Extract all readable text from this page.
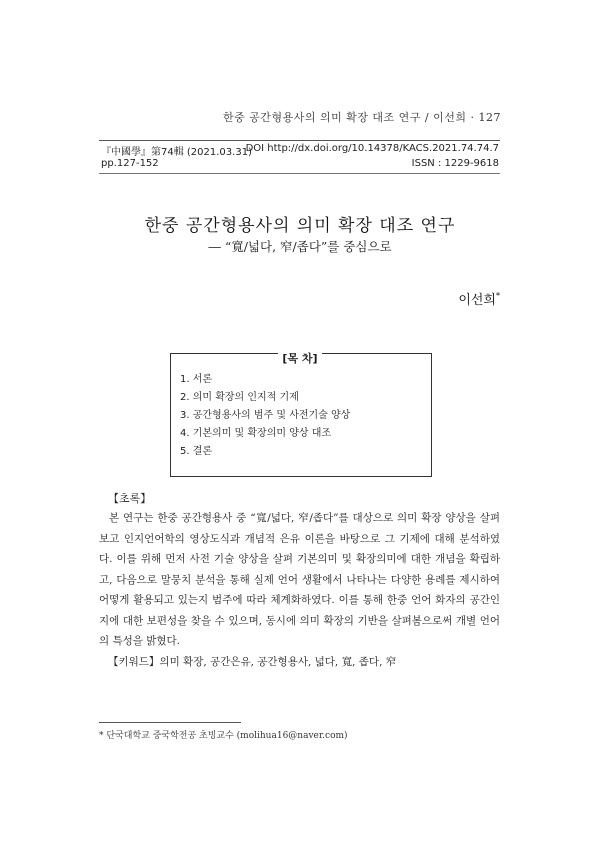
한중 공간형용사의 의미 확장 대조 연구 / 이선희 · 127
『中國學』第74輯 (2021.03.31)
pp.127-152
DOI http://dx.doi.org/10.14378/KACS.2021.74.74.7
ISSN : 1229-9618
한중 공간형용사의 의미 확장 대조 연구
― “寬/넓다, 窄/좁다”를 중심으로
이선희*
[목 차]
1. 서론
2. 의미 확장의 인지적 기제
3. 공간형용사의 범주 및 사전기술 양상
4. 기본의미 및 확장의미 양상 대조
5. 결론
【초록】
본 연구는 한중 공간형용사 중 “寬/넓다, 窄/좁다”를 대상으로 의미 확장 양상을 살펴보고 인지언어학의 영상도식과 개념적 은유 이론을 바탕으로 그 기제에 대해 분석하였다. 이를 위해 먼저 사전 기술 양상을 살펴 기본의미 및 확장의미에 대한 개념을 확립하고, 다음으로 말뭉치 분석을 통해 실제 언어 생활에서 나타나는 다양한 용례를 제시하여 어떻게 활용되고 있는지 범주에 따라 체계화하였다. 이를 통해 한중 언어 화자의 공간인지에 대한 보편성을 찾을 수 있으며, 동시에 의미 확장의 기반을 살펴봄으로써 개별 언어의 특성을 밝혔다.
【키워드】의미 확장, 공간은유, 공간형용사, 넓다, 寬, 좁다, 窄
* 단국대학교 중국학전공 초빙교수 (molihua16@naver.com)
